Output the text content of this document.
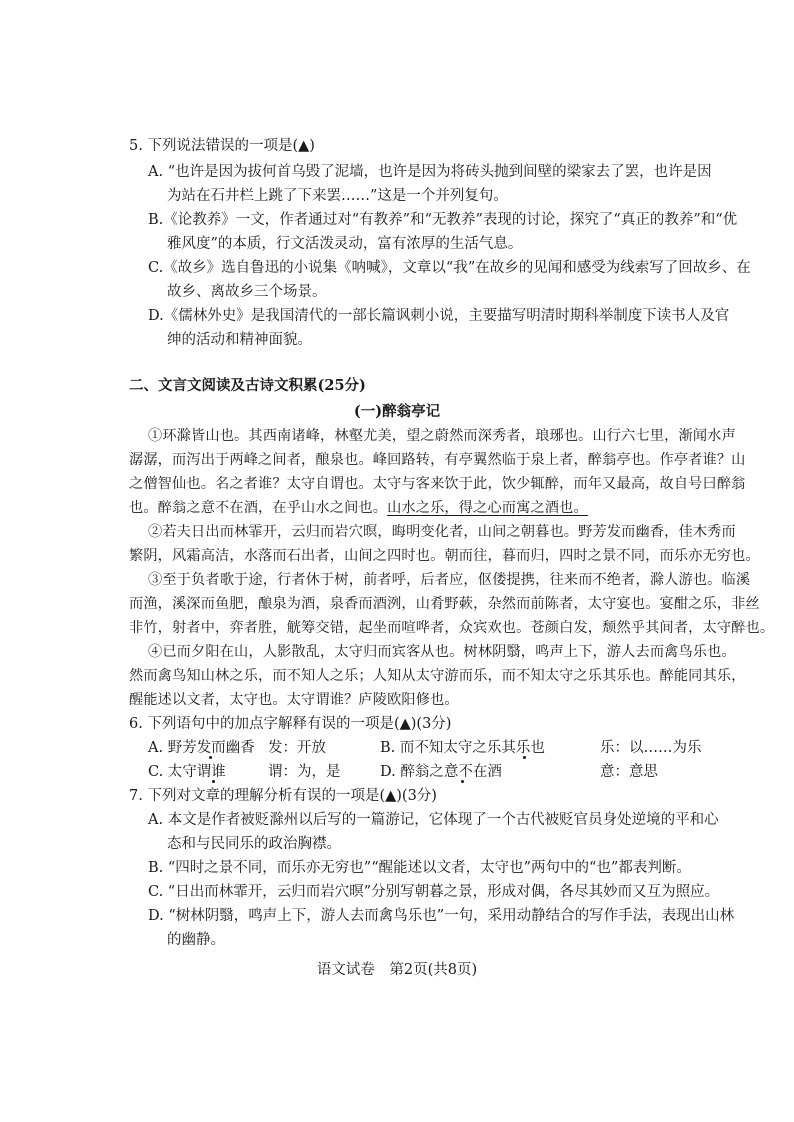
5. 下列说法错误的一项是(▲)
A. “也许是因为拔何首乌毁了泥墙，也许是因为将砖头抛到间壁的梁家去了罢，也许是因
为站在石井栏上跳了下来罢……”这是一个并列复句。
B.《论教养》一文，作者通过对“有教养”和“无教养”表现的讨论，探究了“真正的教养”和“优
雅风度”的本质，行文活泼灵动，富有浓厚的生活气息。
C.《故乡》选自鲁迅的小说集《呐喊》，文章以“我”在故乡的见闻和感受为线索写了回故乡、在
故乡、离故乡三个场景。
D.《儒林外史》是我国清代的一部长篇讽刺小说，主要描写明清时期科举制度下读书人及官
绅的活动和精神面貌。
二、文言文阅读及古诗文积累(25分)
(一)醉翁亭记
①环滁皆山也。其西南诸峰，林壑尤美，望之蔚然而深秀者，琅琊也。山行六七里，渐闻水声
潺潺，而泻出于两峰之间者，酿泉也。峰回路转，有亭翼然临于泉上者，醉翁亭也。作亭者谁？山
之僧智仙也。名之者谁？太守自谓也。太守与客来饮于此，饮少辄醉，而年又最高，故自号曰醉翁
也。醉翁之意不在酒，在乎山水之间也。山水之乐，得之心而寓之酒也。
②若夫日出而林霏开，云归而岩穴暝，晦明变化者，山间之朝暮也。野芳发而幽香，佳木秀而
繁阴，风霜高洁，水落而石出者，山间之四时也。朝而往，暮而归，四时之景不同，而乐亦无穷也。
③至于负者歌于途，行者休于树，前者呼，后者应，伛偻提携，往来而不绝者，滁人游也。临溪
而渔，溪深而鱼肥，酿泉为酒，泉香而酒洌，山肴野蔌，杂然而前陈者，太守宴也。宴酣之乐，非丝
非竹，射者中，弈者胜，觥筹交错，起坐而喧哗者，众宾欢也。苍颜白发，颓然乎其间者，太守醉也。
④已而夕阳在山，人影散乱，太守归而宾客从也。树林阴翳，鸣声上下，游人去而禽鸟乐也。
然而禽鸟知山林之乐，而不知人之乐；人知从太守游而乐，而不知太守之乐其乐也。醉能同其乐，
醒能述以文者，太守也。太守谓谁？庐陵欧阳修也。
6. 下列语句中的加点字解释有误的一项是(▲)(3分)
A. 野芳发而幽香 发：开放	B. 而不知太守之乐其乐也	乐：以……为乐
C. 太守谓谁	谓：为，是	D. 醉翁之意不在酒	意：意思
7. 下列对文章的理解分析有误的一项是(▲)(3分)
A. 本文是作者被贬滁州以后写的一篇游记，它体现了一个古代被贬官员身处逆境的平和心
态和与民同乐的政治胸襟。
B. “四时之景不同，而乐亦无穷也”“醒能述以文者，太守也”两句中的“也”都表判断。
C. “日出而林霏开，云归而岩穴暝”分别写朝暮之景，形成对偶，各尽其妙而又互为照应。
D. “树林阴翳，鸣声上下，游人去而禽鸟乐也”一句，采用动静结合的写作手法，表现出山林
的幽静。
语文试卷　第2页(共8页)
